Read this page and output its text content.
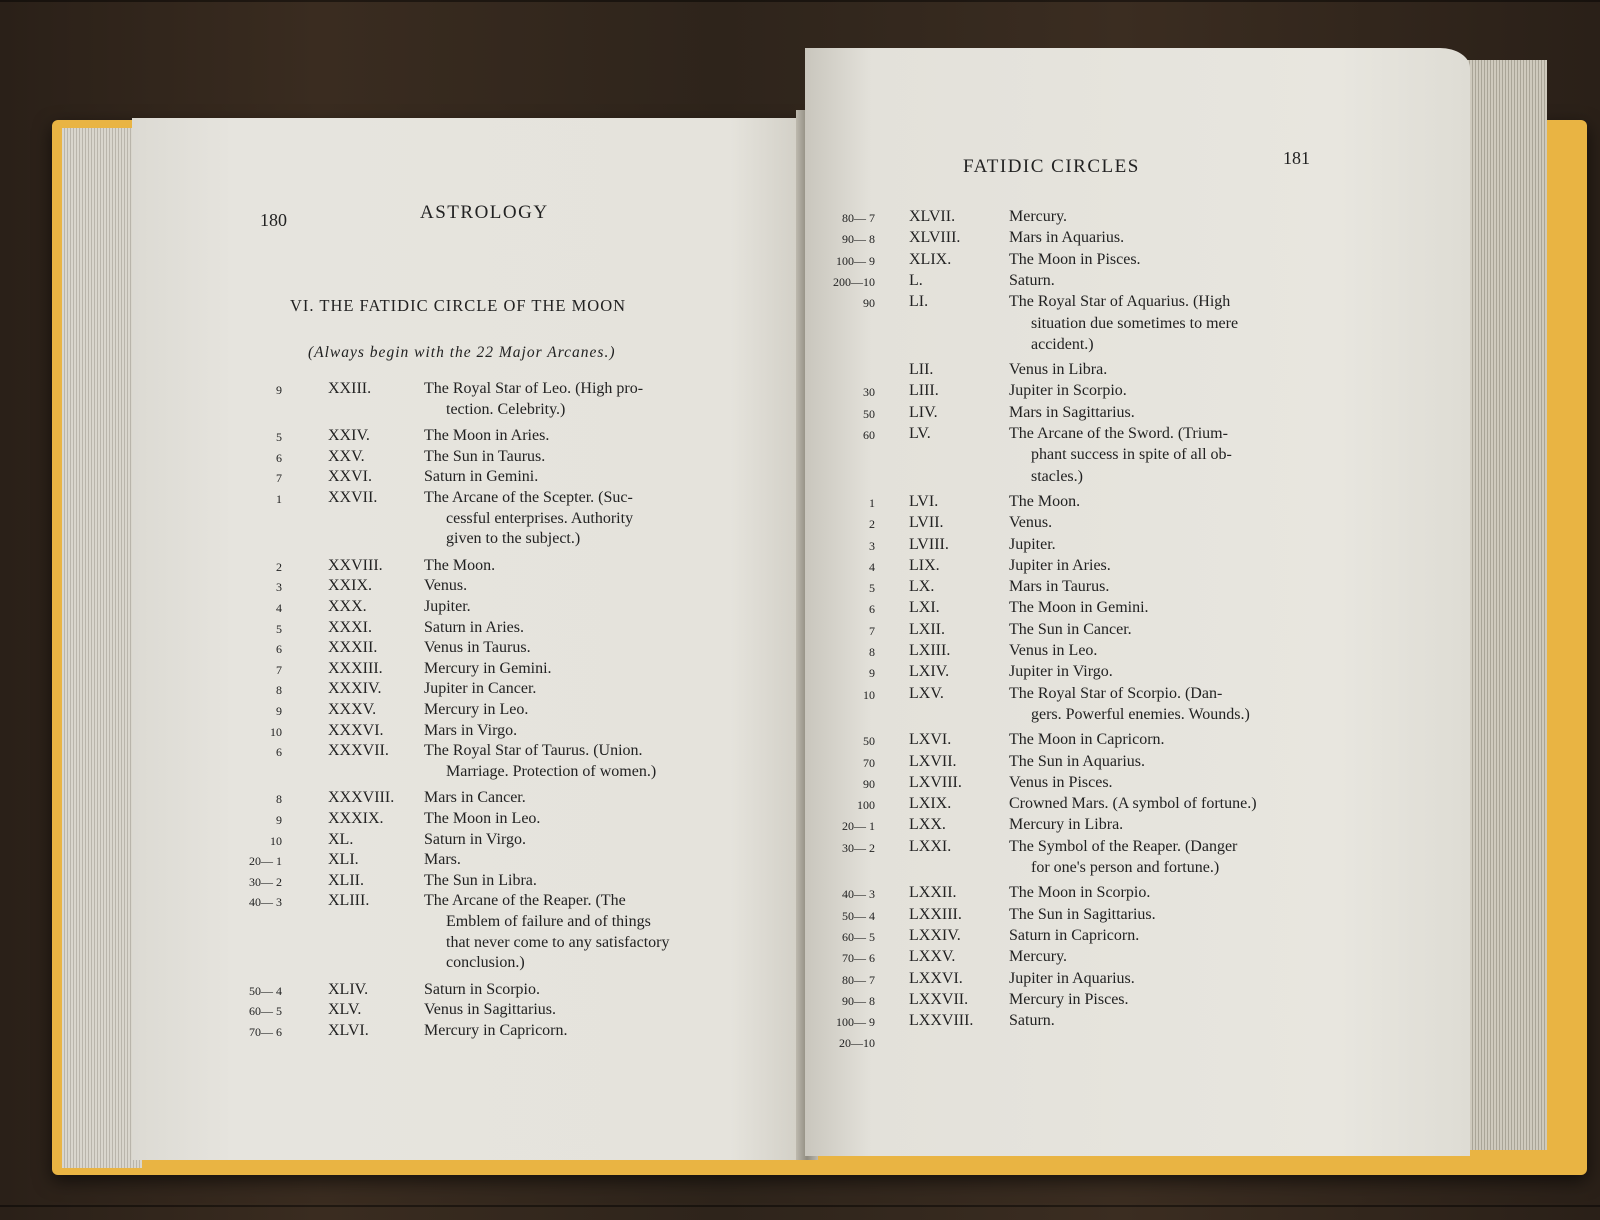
180	ASTROLOGY
VI. THE FATIDIC CIRCLE OF THE MOON
(Always begin with the 22 Major Arcanes.)
9	XXIII.	The Royal Star of Leo. (High pro-
tection. Celebrity.)
5	XXIV.	The Moon in Aries.
6	XXV.	The Sun in Taurus.
7	XXVI.	Saturn in Gemini.
1	XXVII.	The Arcane of the Scepter. (Suc-
cessful enterprises. Authority
given to the subject.)
2	XXVIII.	The Moon.
3	XXIX.	Venus.
4	XXX.	Jupiter.
5	XXXI.	Saturn in Aries.
6	XXXII.	Venus in Taurus.
7	XXXIII.	Mercury in Gemini.
8	XXXIV.	Jupiter in Cancer.
9	XXXV.	Mercury in Leo.
10	XXXVI.	Mars in Virgo.
6	XXXVII. The Royal Star of Taurus. (Union.
Marriage. Protection of women.)
8	XXXVIII. Mars in Cancer.
9	XXXIX.	The Moon in Leo.
10	XL.	Saturn in Virgo.
20— 1	XLI.	Mars.
30— 2	XLII.	The Sun in Libra.
40— 3	XLIII.	The Arcane of the Reaper. (The
Emblem of failure and of things
that never come to any satisfactory
conclusion.)
50— 4	XLIV.	Saturn in Scorpio.
60— 5	XLV.	Venus in Sagittarius.
70— 6	XLVI.	Mercury in Capricorn.
FATIDIC CIRCLES	181
80— 7 XLVII.	Mercury.
90— 8 XLVIII.	Mars in Aquarius.
100— 9 XLIX.	The Moon in Pisces.
200—10 L.	Saturn.
90 LI.	The Royal Star of Aquarius. (High
situation due sometimes to mere
accident.)
LII.	Venus in Libra.
30 LIII.	Jupiter in Scorpio.
50 LIV.	Mars in Sagittarius.
60 LV.	The Arcane of the Sword. (Trium-
phant success in spite of all ob-
stacles.)
1 LVI.	The Moon.
2 LVII.	Venus.
3 LVIII.	Jupiter.
4 LIX.	Jupiter in Aries.
5 LX.	Mars in Taurus.
6 LXI.	The Moon in Gemini.
7 LXII.	The Sun in Cancer.
8 LXIII.	Venus in Leo.
9 LXIV.	Jupiter in Virgo.
10 LXV.	The Royal Star of Scorpio. (Dan-
gers. Powerful enemies. Wounds.)
50 LXVI.	The Moon in Capricorn.
70 LXVII.	The Sun in Aquarius.
90 LXVIII.	Venus in Pisces.
100 LXIX.	Crowned Mars. (A symbol of fortune.)
20— 1 LXX.	Mercury in Libra.
30— 2 LXXI.	The Symbol of the Reaper. (Danger
for one's person and fortune.)
40— 3 LXXII.	The Moon in Scorpio.
50— 4 LXXIII.	The Sun in Sagittarius.
60— 5 LXXIV.	Saturn in Capricorn.
70— 6 LXXV.	Mercury.
80— 7 LXXVI.	Jupiter in Aquarius.
90— 8 LXXVII.	Mercury in Pisces.
100— 9 LXXVIII. Saturn.
20—10
